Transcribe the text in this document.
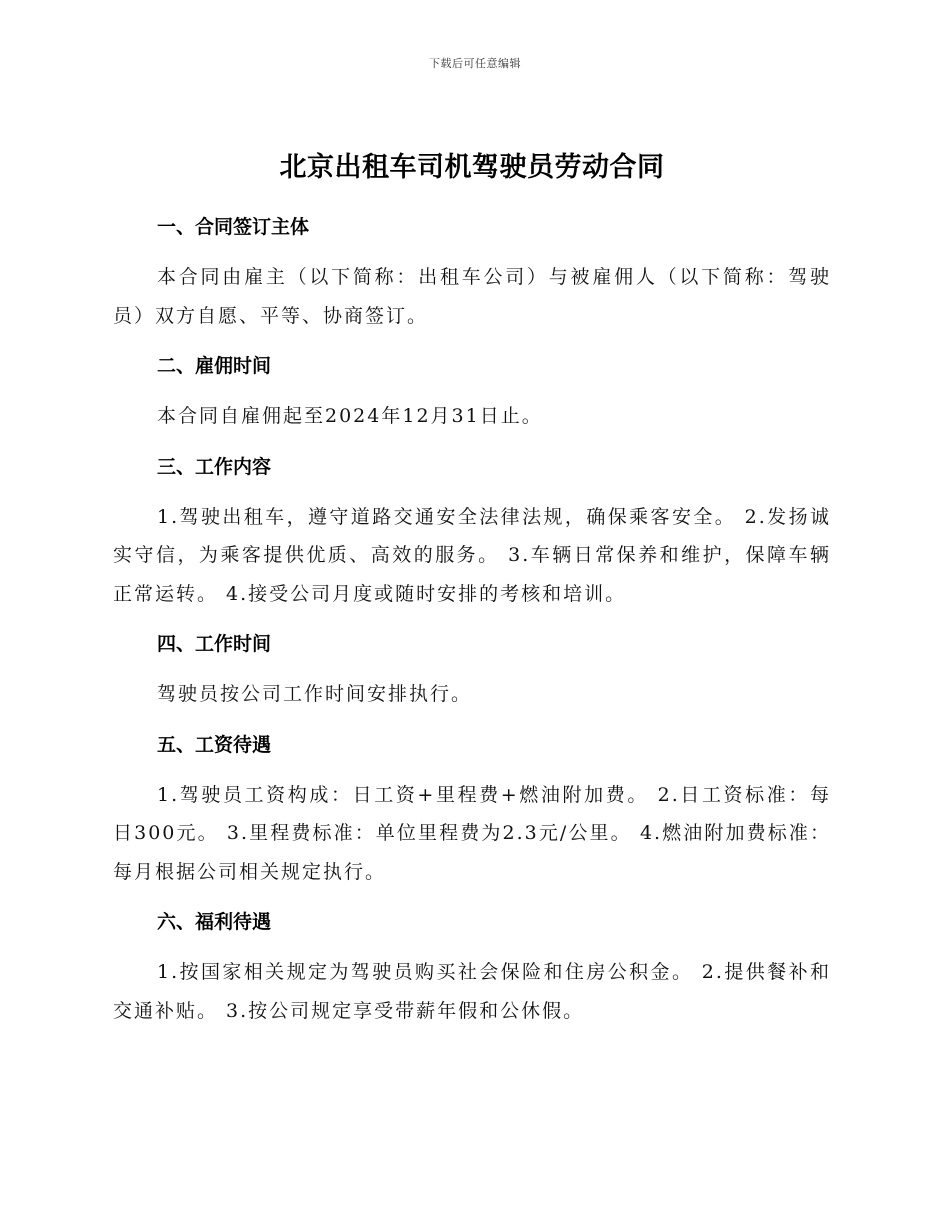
下载后可任意编辑
北京出租车司机驾驶员劳动合同
一、合同签订主体

本合同由雇主（以下简称：出租车公司）与被雇佣人（以下简称：驾驶员）双方自愿、平等、协商签订。

二、雇佣时间

本合同自雇佣起至2024年12月31日止。

三、工作内容

1.驾驶出租车，遵守道路交通安全法律法规，确保乘客安全。 2.发扬诚实守信，为乘客提供优质、高效的服务。 3.车辆日常保养和维护，保障车辆正常运转。 4.接受公司月度或随时安排的考核和培训。

四、工作时间

驾驶员按公司工作时间安排执行。

五、工资待遇

1.驾驶员工资构成：日工资+里程费+燃油附加费。 2.日工资标准：每日300元。 3.里程费标准：单位里程费为2.3元/公里。 4.燃油附加费标准：每月根据公司相关规定执行。

六、福利待遇

1.按国家相关规定为驾驶员购买社会保险和住房公积金。 2.提供餐补和交通补贴。 3.按公司规定享受带薪年假和公休假。
